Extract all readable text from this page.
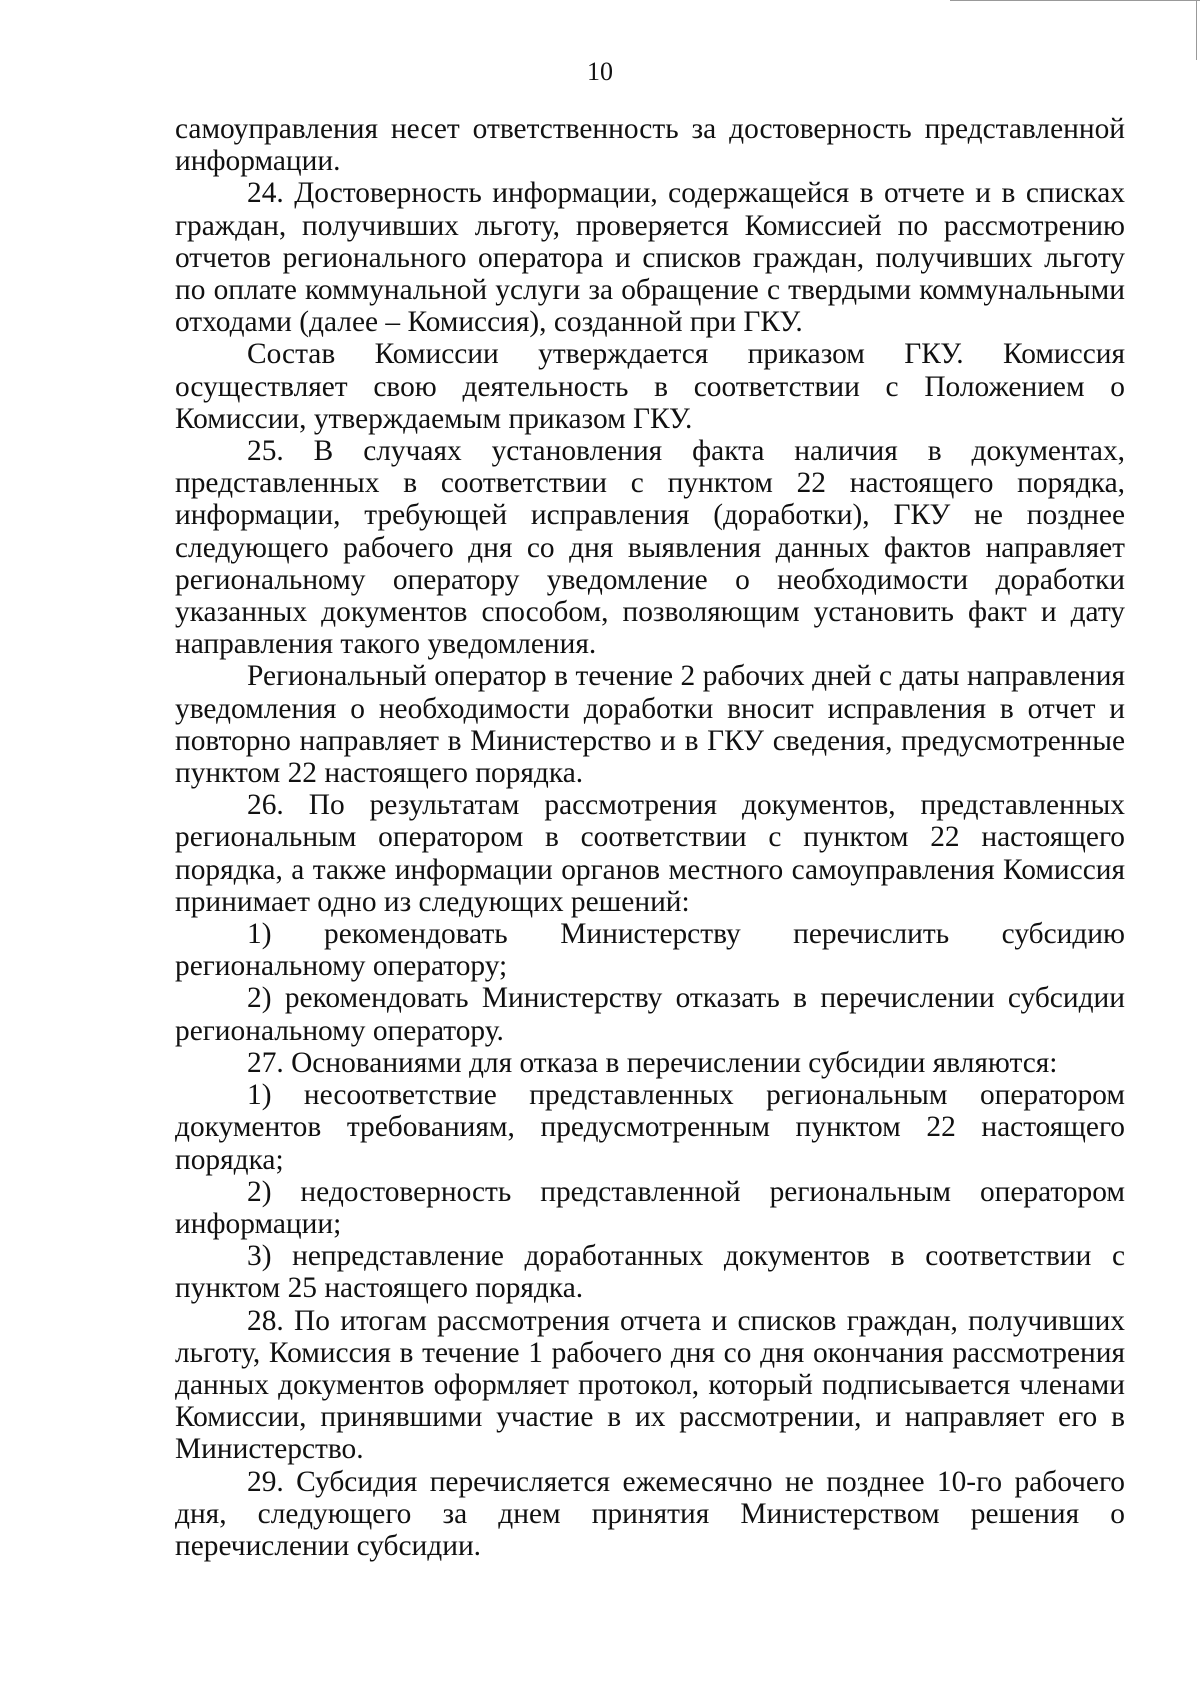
10

самоуправления несет ответственность за достоверность представленной информации.

24. Достоверность информации, содержащейся в отчете и в списках граждан, получивших льготу, проверяется Комиссией по рассмотрению отчетов регионального оператора и списков граждан, получивших льготу по оплате коммунальной услуги за обращение с твердыми коммунальными отходами (далее – Комиссия), созданной при ГКУ.

Состав Комиссии утверждается приказом ГКУ. Комиссия осуществляет свою деятельность в соответствии с Положением о Комиссии, утверждаемым приказом ГКУ.

25. В случаях установления факта наличия в документах, представленных в соответствии с пунктом 22 настоящего порядка, информации, требующей исправления (доработки), ГКУ не позднее следующего рабочего дня со дня выявления данных фактов направляет региональному оператору уведомление о необходимости доработки указанных документов способом, позволяющим установить факт и дату направления такого уведомления.

Региональный оператор в течение 2 рабочих дней с даты направления уведомления о необходимости доработки вносит исправления в отчет и повторно направляет в Министерство и в ГКУ сведения, предусмотренные пунктом 22 настоящего порядка.

26. По результатам рассмотрения документов, представленных региональным оператором в соответствии с пунктом 22 настоящего порядка, а также информации органов местного самоуправления Комиссия принимает одно из следующих решений:

1) рекомендовать Министерству перечислить субсидию региональному оператору;

2) рекомендовать Министерству отказать в перечислении субсидии региональному оператору.

27. Основаниями для отказа в перечислении субсидии являются:

1) несоответствие представленных региональным оператором документов требованиям, предусмотренным пунктом 22 настоящего порядка;

2) недостоверность представленной региональным оператором информации;

3) непредставление доработанных документов в соответствии с пунктом 25 настоящего порядка.

28. По итогам рассмотрения отчета и списков граждан, получивших льготу, Комиссия в течение 1 рабочего дня со дня окончания рассмотрения данных документов оформляет протокол, который подписывается членами Комиссии, принявшими участие в их рассмотрении, и направляет его в Министерство.

29. Субсидия перечисляется ежемесячно не позднее 10-го рабочего дня, следующего за днем принятия Министерством решения о перечислении субсидии.
